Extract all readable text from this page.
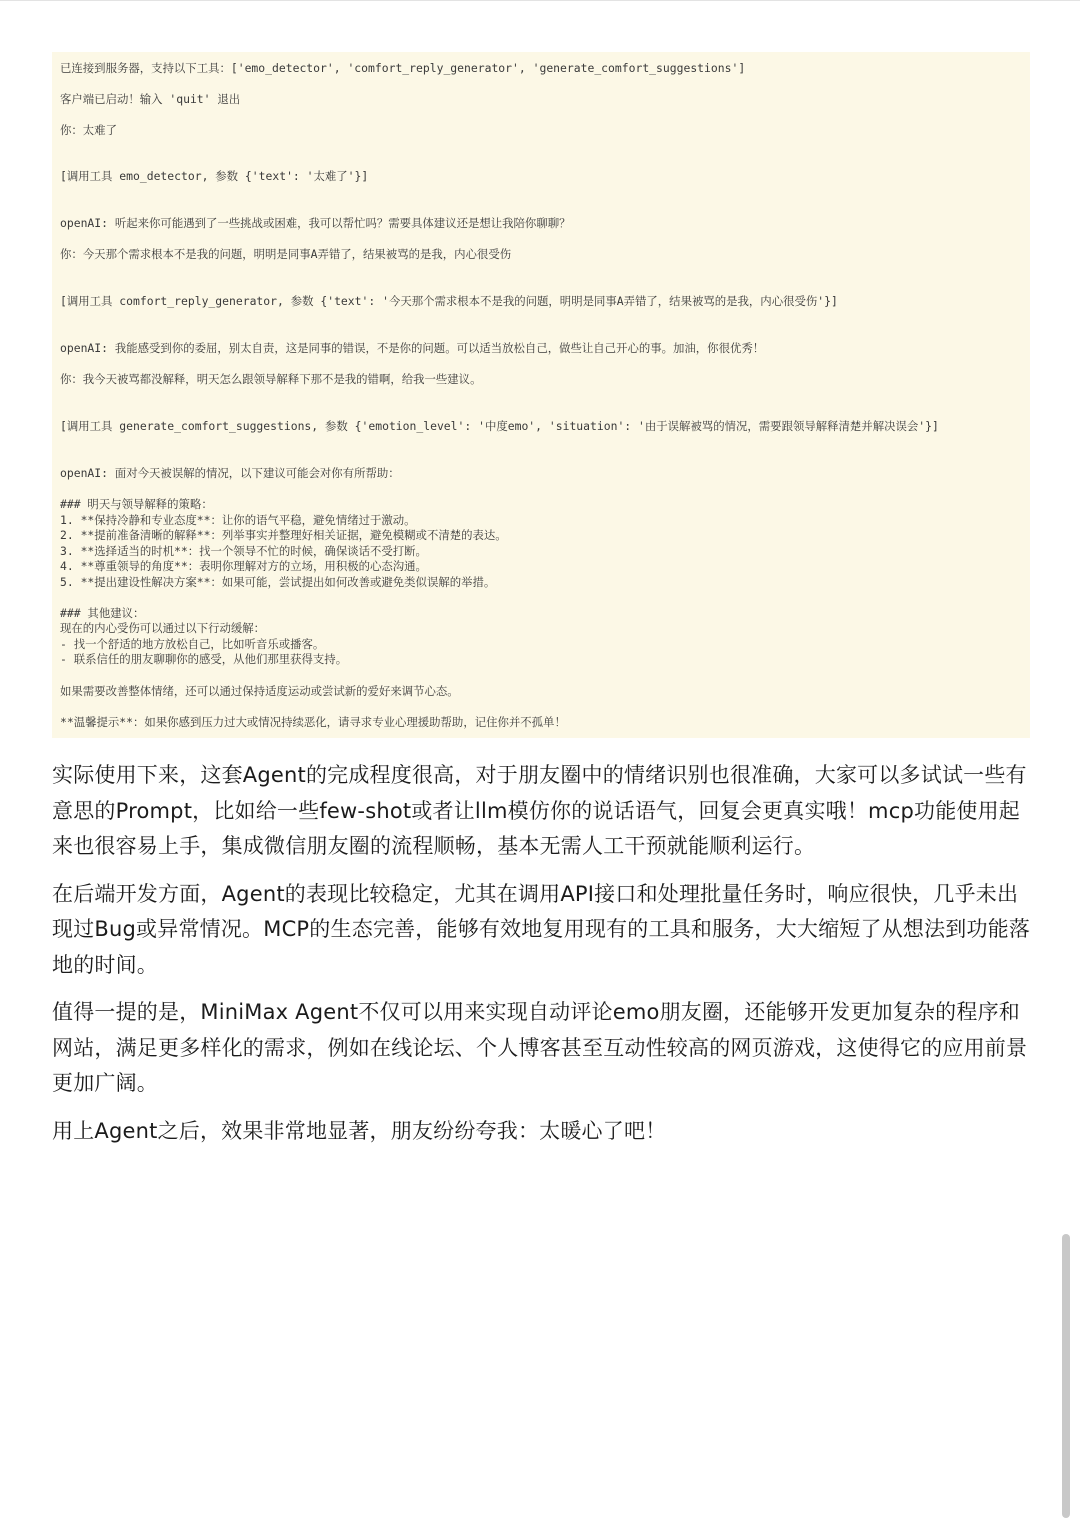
已连接到服务器，支持以下工具：['emo_detector', 'comfort_reply_generator', 'generate_comfort_suggestions']
客户端已启动！输入 'quit' 退出
你：太难了
[调用工具 emo_detector, 参数 {'text': '太难了'}]
openAI: 听起来你可能遇到了一些挑战或困难，我可以帮忙吗？需要具体建议还是想让我陪你聊聊？
你：今天那个需求根本不是我的问题，明明是同事A弄错了，结果被骂的是我，内心很受伤
[调用工具 comfort_reply_generator, 参数 {'text': '今天那个需求根本不是我的问题，明明是同事A弄错了，结果被骂的是我，内心很受伤'}]
openAI: 我能感受到你的委屈，别太自责，这是同事的错误，不是你的问题。可以适当放松自己，做些让自己开心的事。加油，你很优秀！
你：我今天被骂都没解释，明天怎么跟领导解释下那不是我的错啊，给我一些建议。
[调用工具 generate_comfort_suggestions, 参数 {'emotion_level': '中度emo', 'situation': '由于误解被骂的情况，需要跟领导解释清楚并解决误会'}]
openAI: 面对今天被误解的情况，以下建议可能会对你有所帮助：
### 明天与领导解释的策略：
1. **保持冷静和专业态度**：让你的语气平稳，避免情绪过于激动。
2. **提前准备清晰的解释**：列举事实并整理好相关证据，避免模糊或不清楚的表达。
3. **选择适当的时机**：找一个领导不忙的时候，确保谈话不受打断。
4. **尊重领导的角度**：表明你理解对方的立场，用积极的心态沟通。
5. **提出建设性解决方案**：如果可能，尝试提出如何改善或避免类似误解的举措。
### 其他建议：
现在的内心受伤可以通过以下行动缓解：
- 找一个舒适的地方放松自己，比如听音乐或播客。
- 联系信任的朋友聊聊你的感受，从他们那里获得支持。
如果需要改善整体情绪，还可以通过保持适度运动或尝试新的爱好来调节心态。
**温馨提示**：如果你感到压力过大或情况持续恶化，请寻求专业心理援助帮助，记住你并不孤单！

实际使用下来，这套Agent的完成程度很高，对于朋友圈中的情绪识别也很准确，大家可以多试试一些有意思的Prompt，比如给一些few-shot或者让llm模仿你的说话语气，回复会更真实哦！mcp功能使用起来也很容易上手，集成微信朋友圈的流程顺畅，基本无需人工干预就能顺利运行。

在后端开发方面，Agent的表现比较稳定，尤其在调用API接口和处理批量任务时，响应很快，几乎未出现过Bug或异常情况。MCP的生态完善，能够有效地复用现有的工具和服务，大大缩短了从想法到功能落地的时间。

值得一提的是，MiniMax Agent不仅可以用来实现自动评论emo朋友圈，还能够开发更加复杂的程序和网站，满足更多样化的需求，例如在线论坛、个人博客甚至互动性较高的网页游戏，这使得它的应用前景更加广阔。

用上Agent之后，效果非常地显著，朋友纷纷夸我：太暖心了吧！
